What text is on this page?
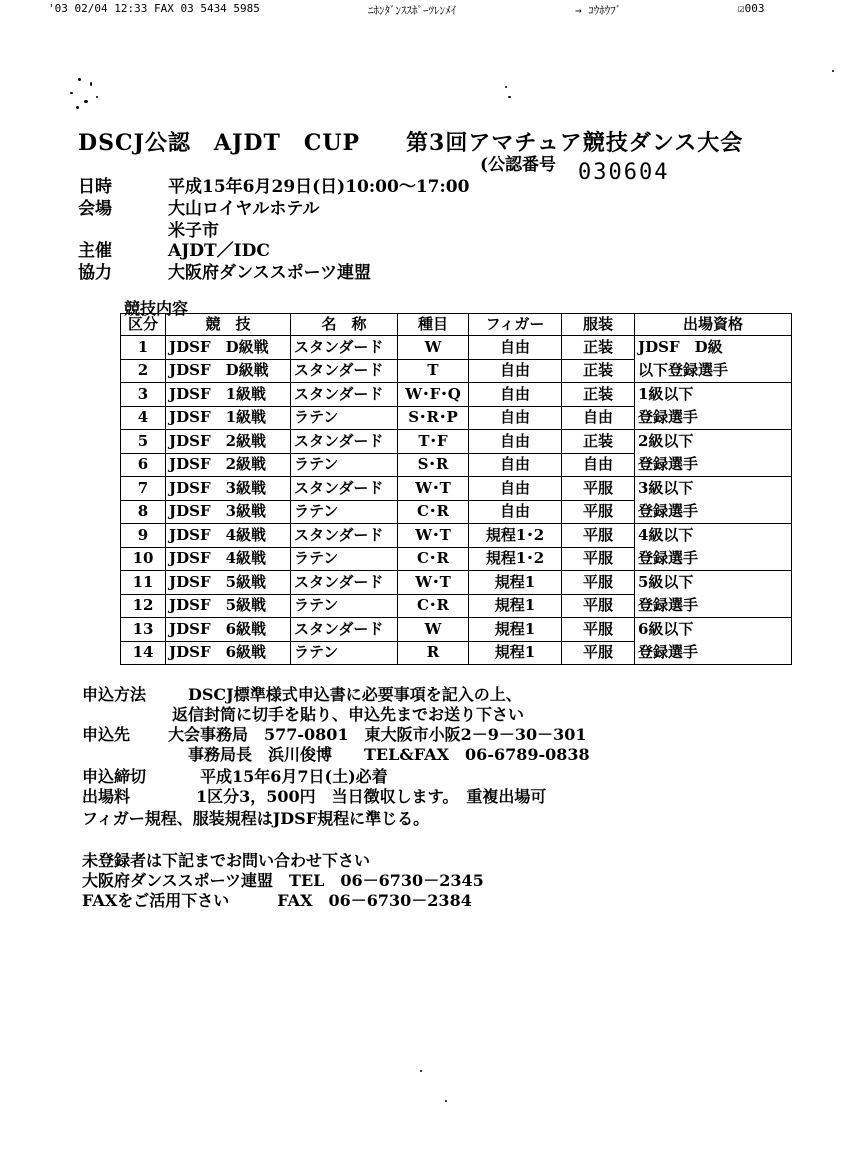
'03 02/04 12:33 FAX 03 5434 5985	ﾆﾎﾝﾀﾞﾝｽｽﾎﾟｰﾂﾚﾝﾒｲ	→ ｺｳﾎｳﾌﾞ	☑003
DSCJ公認　AJDT　CUP　　第3回アマチュア競技ダンス大会
(公認番号 030604
日時	平成15年6月29日(日)10:00〜17:00
会場	大山ロイヤルホテル
米子市
主催	AJDT／IDC
協力	大阪府ダンススポーツ連盟
競技内容
区分	競　技	名　称	種目	フィガー	服装	出場資格
1	JDSF　D級戦	スタンダード	W	自由	正装	JDSF　D級
以下登録選手

2	JDSF　D級戦	スタンダード	T	自由	正装	
3	JDSF　1級戦	スタンダード	W･F･Q	自由	正装	1級以下
登録選手

4	JDSF　1級戦	ラテン	S･R･P	自由	自由	
5	JDSF　2級戦	スタンダード	T･F	自由	正装	2級以下
登録選手

6	JDSF　2級戦	ラテン	S･R	自由	自由	
7	JDSF　3級戦	スタンダード	W･T	自由	平服	3級以下
登録選手

8	JDSF　3級戦	ラテン	C･R	自由	平服	
9	JDSF　4級戦	スタンダード	W･T	規程1･2	平服	4級以下
登録選手

10	JDSF　4級戦	ラテン	C･R	規程1･2	平服	
11	JDSF　5級戦	スタンダード	W･T	規程1	平服	5級以下
登録選手

12	JDSF　5級戦	ラテン	C･R	規程1	平服	
13	JDSF　6級戦	スタンダード	W	規程1	平服	6級以下
登録選手

14	JDSF　6級戦	ラテン	R	規程1	平服	
申込方法	DSCJ標準様式申込書に必要事項を記入の上、
返信封筒に切手を貼り、申込先までお送り下さい
申込先 大会事務局　577-0801　東大阪市小阪2－9－30－301
事務局長　浜川俊博　　TEL&FAX　06-6789-0838
申込締切	平成15年6月7日(土)必着
出場料	1区分3，500円　当日徴収します。　重複出場可
フィガー規程、服装規程はJDSF規程に準じる。
未登録者は下記までお問い合わせ下さい
大阪府ダンススポーツ連盟　TEL　06－6730－2345
FAXをご活用下さい　　　FAX　06－6730－2384
